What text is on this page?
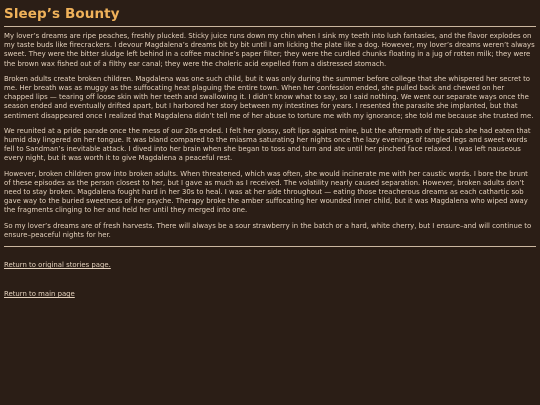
Sleep’s Bounty

My lover’s dreams are ripe peaches, freshly plucked. Sticky juice runs down my chin when I sink my teeth into lush fantasies, and the flavor explodes on my taste buds like firecrackers. I devour Magdalena’s dreams bit by bit until I am licking the plate like a dog. However, my lover’s dreams weren’t always sweet. They were the bitter sludge left behind in a coffee machine’s paper filter; they were the curdled chunks floating in a jug of rotten milk; they were the brown wax fished out of a filthy ear canal; they were the choleric acid expelled from a distressed stomach.

Broken adults create broken children. Magdalena was one such child, but it was only during the summer before college that she whispered her secret to me. Her breath was as muggy as the suffocating heat plaguing the entire town. When her confession ended, she pulled back and chewed on her chapped lips — tearing off loose skin with her teeth and swallowing it. I didn’t know what to say, so I said nothing. We went our separate ways once the season ended and eventually drifted apart, but I harbored her story between my intestines for years. I resented the parasite she implanted, but that sentiment disappeared once I realized that Magdalena didn’t tell me of her abuse to torture me with my ignorance; she told me because she trusted me.

We reunited at a pride parade once the mess of our 20s ended. I felt her glossy, soft lips against mine, but the aftermath of the scab she had eaten that humid day lingered on her tongue. It was bland compared to the miasma saturating her nights once the lazy evenings of tangled legs and sweet words fell to Sandman’s inevitable attack. I dived into her brain when she began to toss and turn and ate until her pinched face relaxed. I was left nauseous every night, but it was worth it to give Magdalena a peaceful rest.

However, broken children grow into broken adults. When threatened, which was often, she would incinerate me with her caustic words. I bore the brunt of these episodes as the person closest to her, but I gave as much as I received. The volatility nearly caused separation. However, broken adults don’t need to stay broken. Magdalena fought hard in her 30s to heal. I was at her side throughout — eating those treacherous dreams as each cathartic sob gave way to the buried sweetness of her psyche. Therapy broke the amber suffocating her wounded inner child, but it was Magdalena who wiped away the fragments clinging to her and held her until they merged into one.

So my lover’s dreams are of fresh harvests. There will always be a sour strawberry in the batch or a hard, white cherry, but I ensure–and will continue to ensure–peaceful nights for her.

Return to original stories page.
Return to main page
